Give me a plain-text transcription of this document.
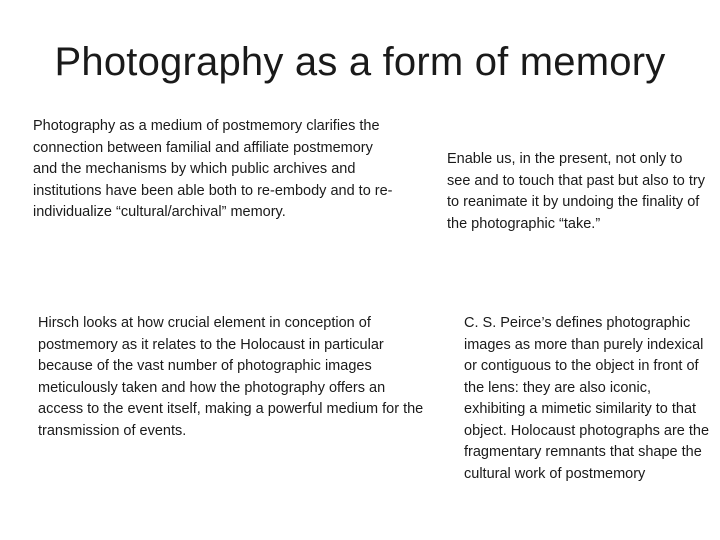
Photography as a form of memory

Photography as a medium of postmemory clarifies the connection between familial and affiliate postmemory and the mechanisms by which public archives and institutions have been able both to re-embody and to re-individualize “cultural/archival” memory.

Enable us, in the present, not only to see and to touch that past but also to try to reanimate it by undoing the finality of the photographic “take.”

Hirsch looks at how crucial element in conception of postmemory as it relates to the Holocaust in particular because of the vast number of photographic images meticulously taken and how the photography offers an access to the event itself, making a powerful medium for the transmission of events.

C. S. Peirce’s defines photographic images as more than purely indexical or contiguous to the object in front of the lens: they are also iconic, exhibiting a mimetic similarity to that object. Holocaust photographs are the fragmentary remnants that shape the cultural work of postmemory
